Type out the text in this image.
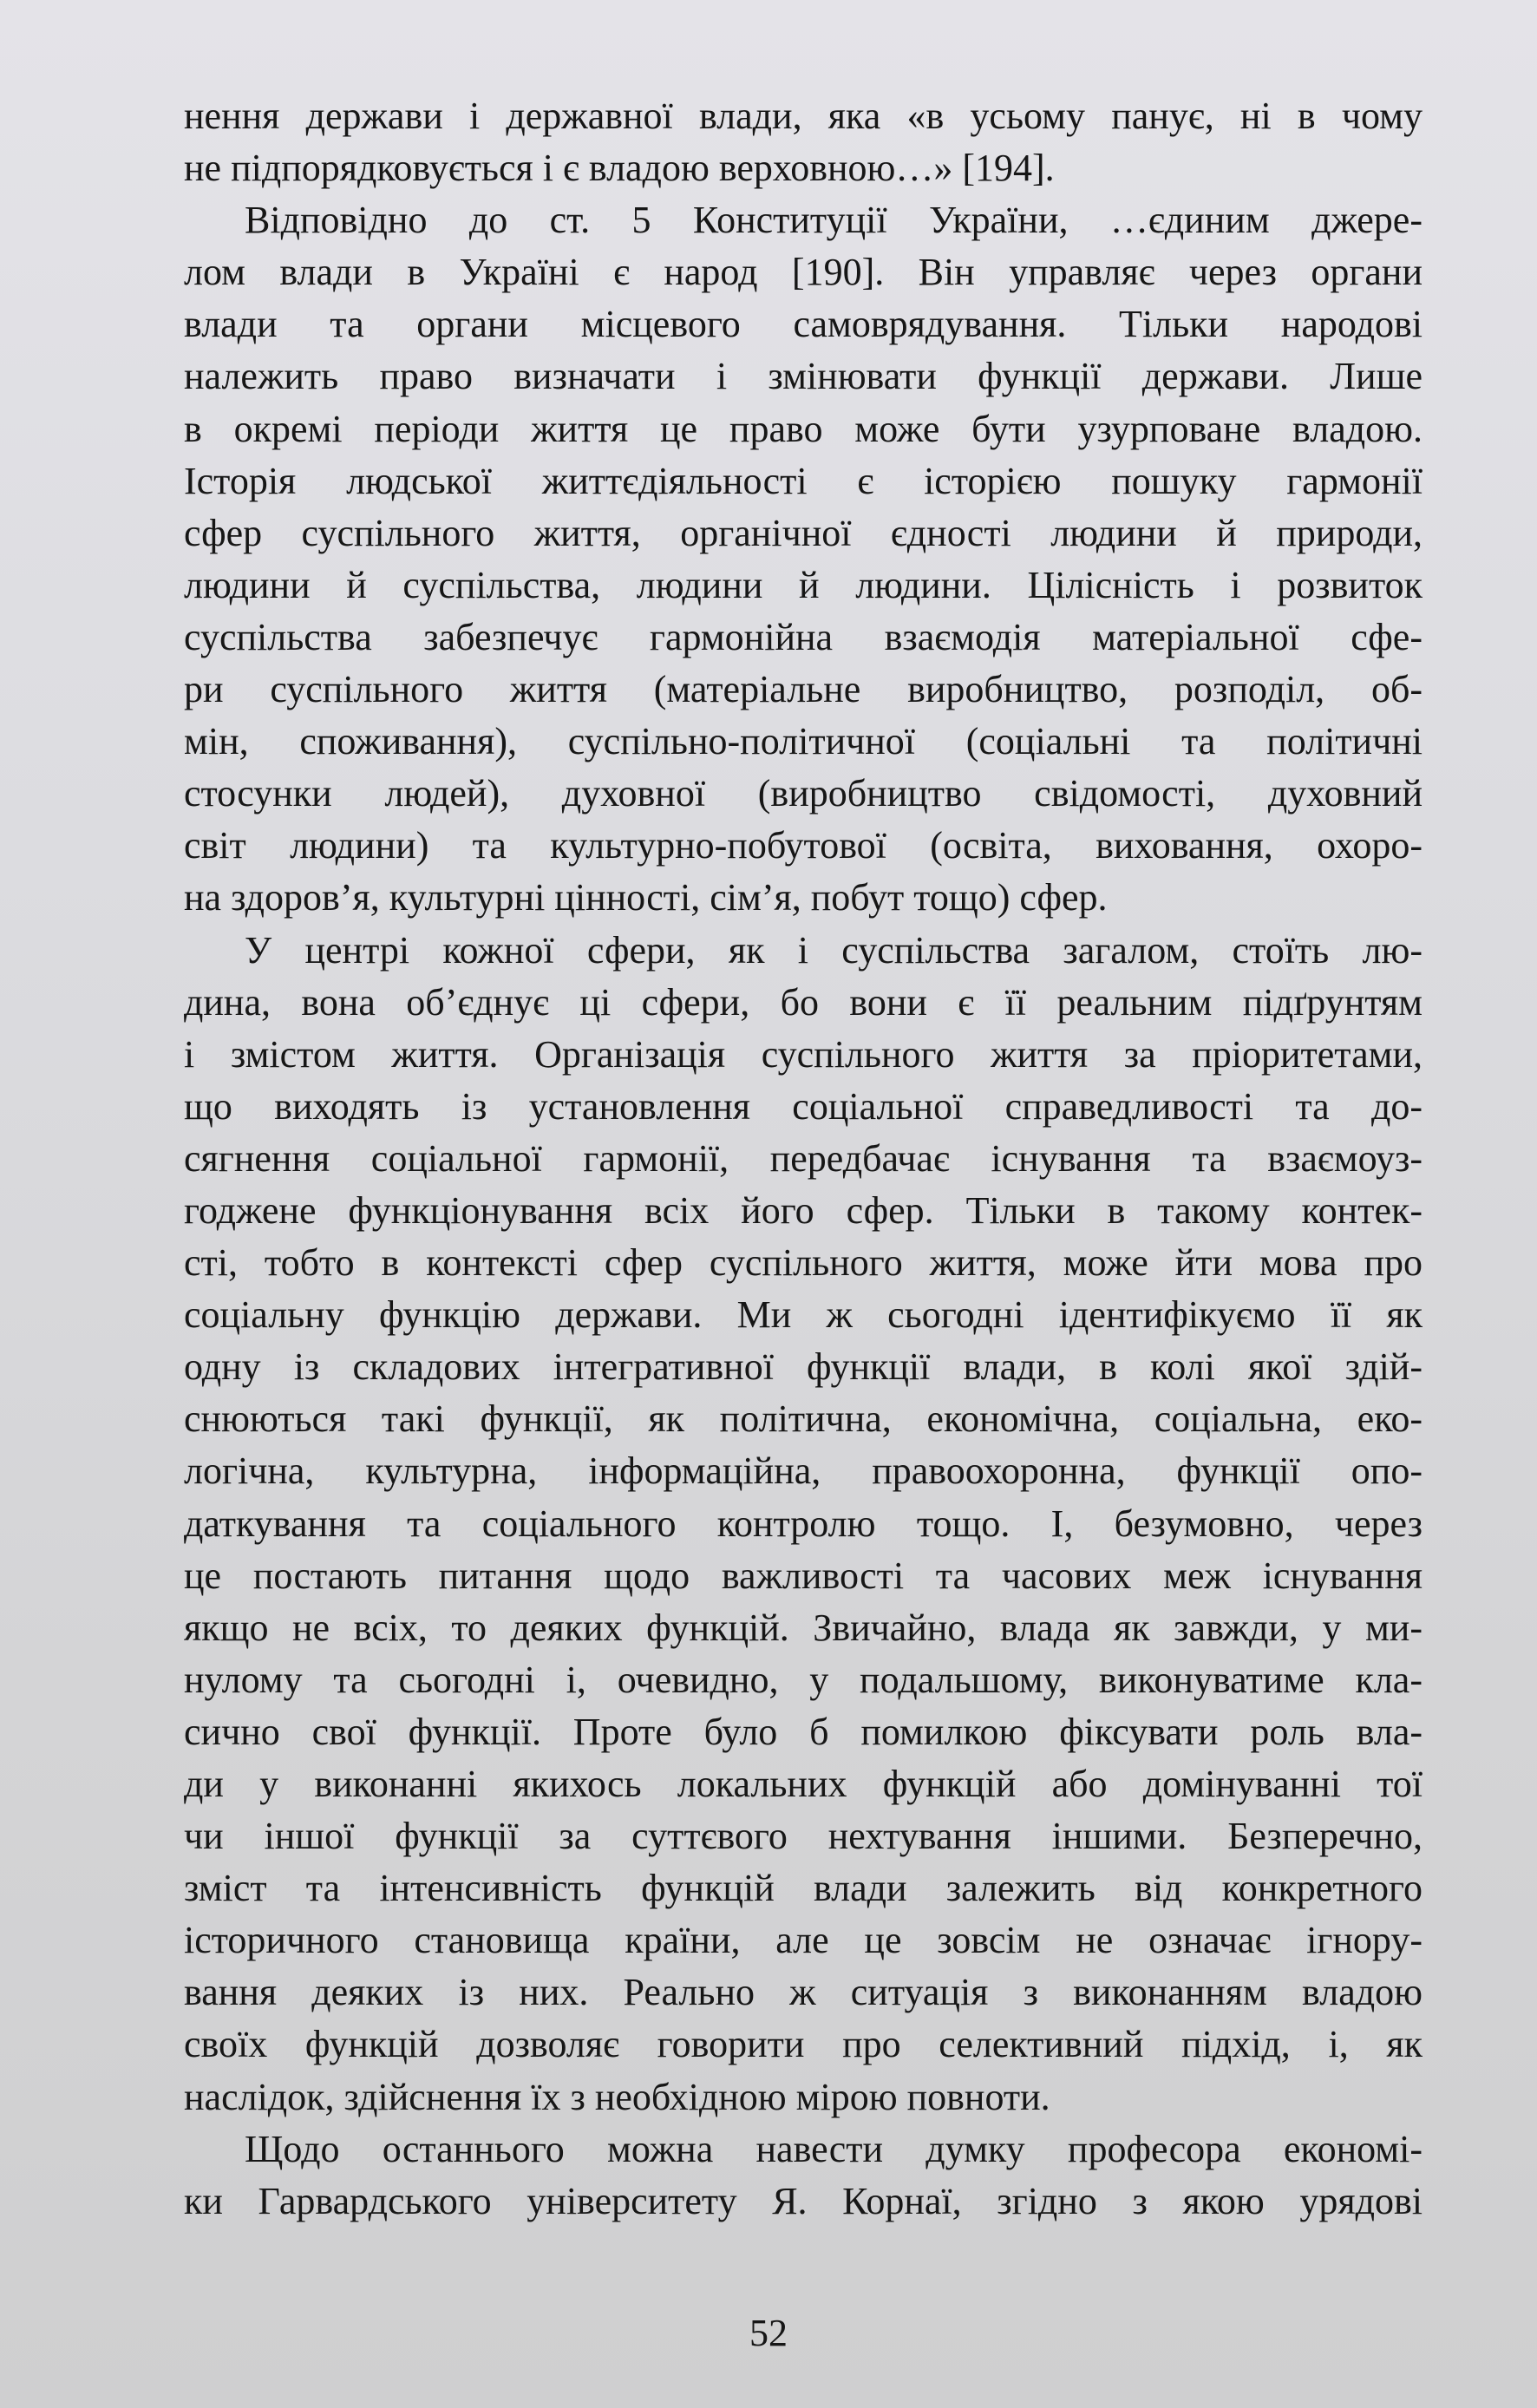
нення держави і державної влади, яка «в усьому панує, ні в чому
не підпорядковується і є владою верховною…» [194].
Відповідно до ст. 5 Конституції України, …єдиним джере-
лом влади в Україні є народ [190]. Він управляє через органи
влади та органи місцевого самоврядування. Тільки народові
належить право визначати і змінювати функції держави. Лише
в окремі періоди життя це право може бути узурповане владою.
Історія людської життєдіяльності є історією пошуку гармонії
сфер суспільного життя, органічної єдності людини й природи,
людини й суспільства, людини й людини. Цілісність і розвиток
суспільства забезпечує гармонійна взаємодія матеріальної сфе-
ри суспільного життя (матеріальне виробництво, розподіл, об-
мін, споживання), суспільно-політичної (соціальні та політичні
стосунки людей), духовної (виробництво свідомості, духовний
світ людини) та культурно-побутової (освіта, виховання, охоро-
на здоров’я, культурні цінності, сім’я, побут тощо) сфер.
У центрі кожної сфери, як і суспільства загалом, стоїть лю-
дина, вона об’єднує ці сфери, бо вони є її реальним підґрунтям
і змістом життя. Організація суспільного життя за пріоритетами,
що виходять із установлення соціальної справедливості та до-
сягнення соціальної гармонії, передбачає існування та взаємоуз-
годжене функціонування всіх його сфер. Тільки в такому контек-
сті, тобто в контексті сфер суспільного життя, може йти мова про
соціальну функцію держави. Ми ж сьогодні ідентифікуємо її як
одну із складових інтегративної функції влади, в колі якої здій-
снюються такі функції, як політична, економічна, соціальна, еко-
логічна, культурна, інформаційна, правоохоронна, функції опо-
даткування та соціального контролю тощо. І, безумовно, через
це постають питання щодо важливості та часових меж існування
якщо не всіх, то деяких функцій. Звичайно, влада як завжди, у ми-
нулому та сьогодні і, очевидно, у подальшому, виконуватиме кла-
сично свої функції. Проте було б помилкою фіксувати роль вла-
ди у виконанні якихось локальних функцій або домінуванні тої
чи іншої функції за суттєвого нехтування іншими. Безперечно,
зміст та інтенсивність функцій влади залежить від конкретного
історичного становища країни, але це зовсім не означає ігнору-
вання деяких із них. Реально ж ситуація з виконанням владою
своїх функцій дозволяє говорити про селективний підхід, і, як
наслідок, здійснення їх з необхідною мірою повноти.
Щодо останнього можна навести думку професора економі-
ки Гарвардського університету Я. Корнаї, згідно з якою урядові
52
